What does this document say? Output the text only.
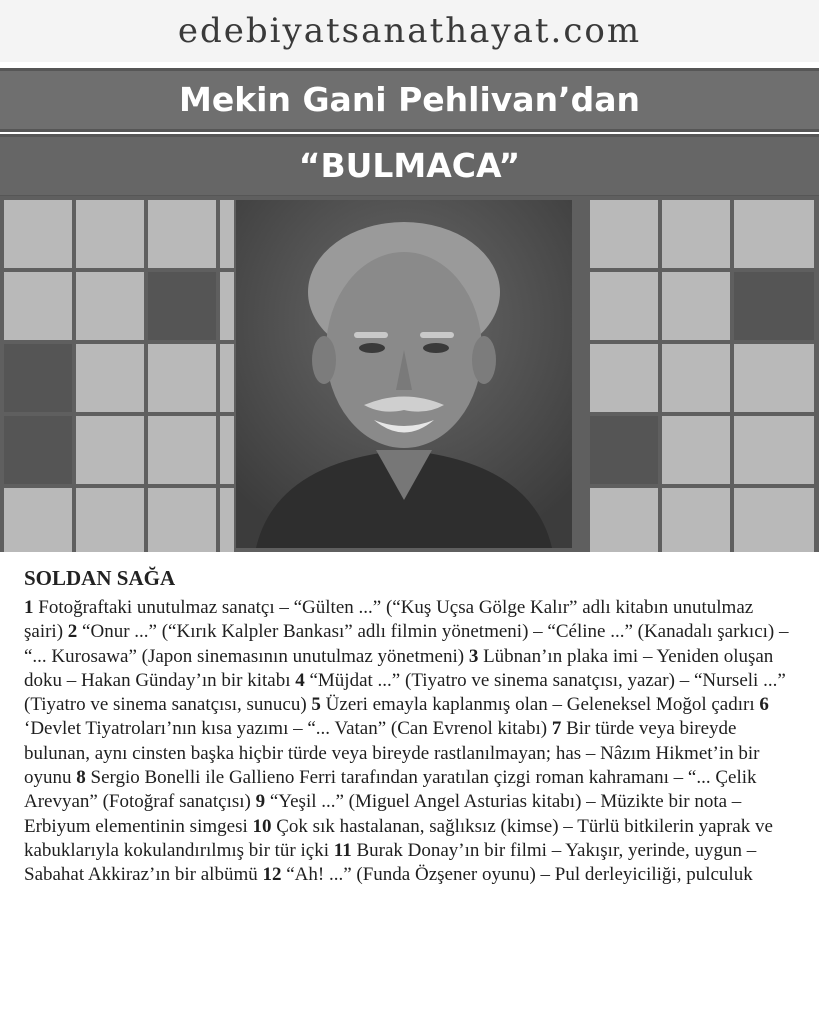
edebiyatsanathayat.com
Mekin Gani Pehlivan’dan
“BULMACA”
SOLDAN SAĞA
1 Fotoğraftaki unutulmaz sanatçı – “Gülten ...” (“Kuş Uçsa Gölge Kalır” adlı kitabın unutulmaz şairi) 2 “Onur ...” (“Kırık Kalpler Bankası” adlı filmin yönetmeni) – “Céline ...” (Kanadalı şarkıcı) – “... Kurosawa” (Japon sinemasının unutulmaz yönetmeni) 3 Lübnan’ın plaka imi – Yeniden oluşan doku – Hakan Günday’ın bir kitabı 4 “Müjdat ...” (Tiyatro ve sinema sanatçısı, yazar) – “Nurseli ...” (Tiyatro ve sinema sanatçısı, sunucu) 5 Üzeri emayla kaplanmış olan – Geleneksel Moğol çadırı 6 ‘Devlet Tiyatroları’nın kısa yazımı – “... Vatan” (Can Evrenol kitabı) 7 Bir türde veya bireyde bulunan, aynı cinsten başka hiçbir türde veya bireyde rastlanılmayan; has – Nâzım Hikmet’in bir oyunu 8 Sergio Bonelli ile Gallieno Ferri tarafından yaratılan çizgi roman kahramanı – “... Çelik Arevyan” (Fotoğraf sanatçısı) 9 “Yeşil ...” (Miguel Angel Asturias kitabı) – Müzikte bir nota – Erbiyum elementinin simgesi 10 Çok sık hastalanan, sağlıksız (kimse) – Türlü bitkilerin yaprak ve kabuklarıyla kokulandırılmış bir tür içki 11 Burak Donay’ın bir filmi – Yakışır, yerinde, uygun – Sabahat Akkiraz’ın bir albümü 12 “Ah! ...” (Funda Özşener oyunu) – Pul derleyiciliği, pulculuk
